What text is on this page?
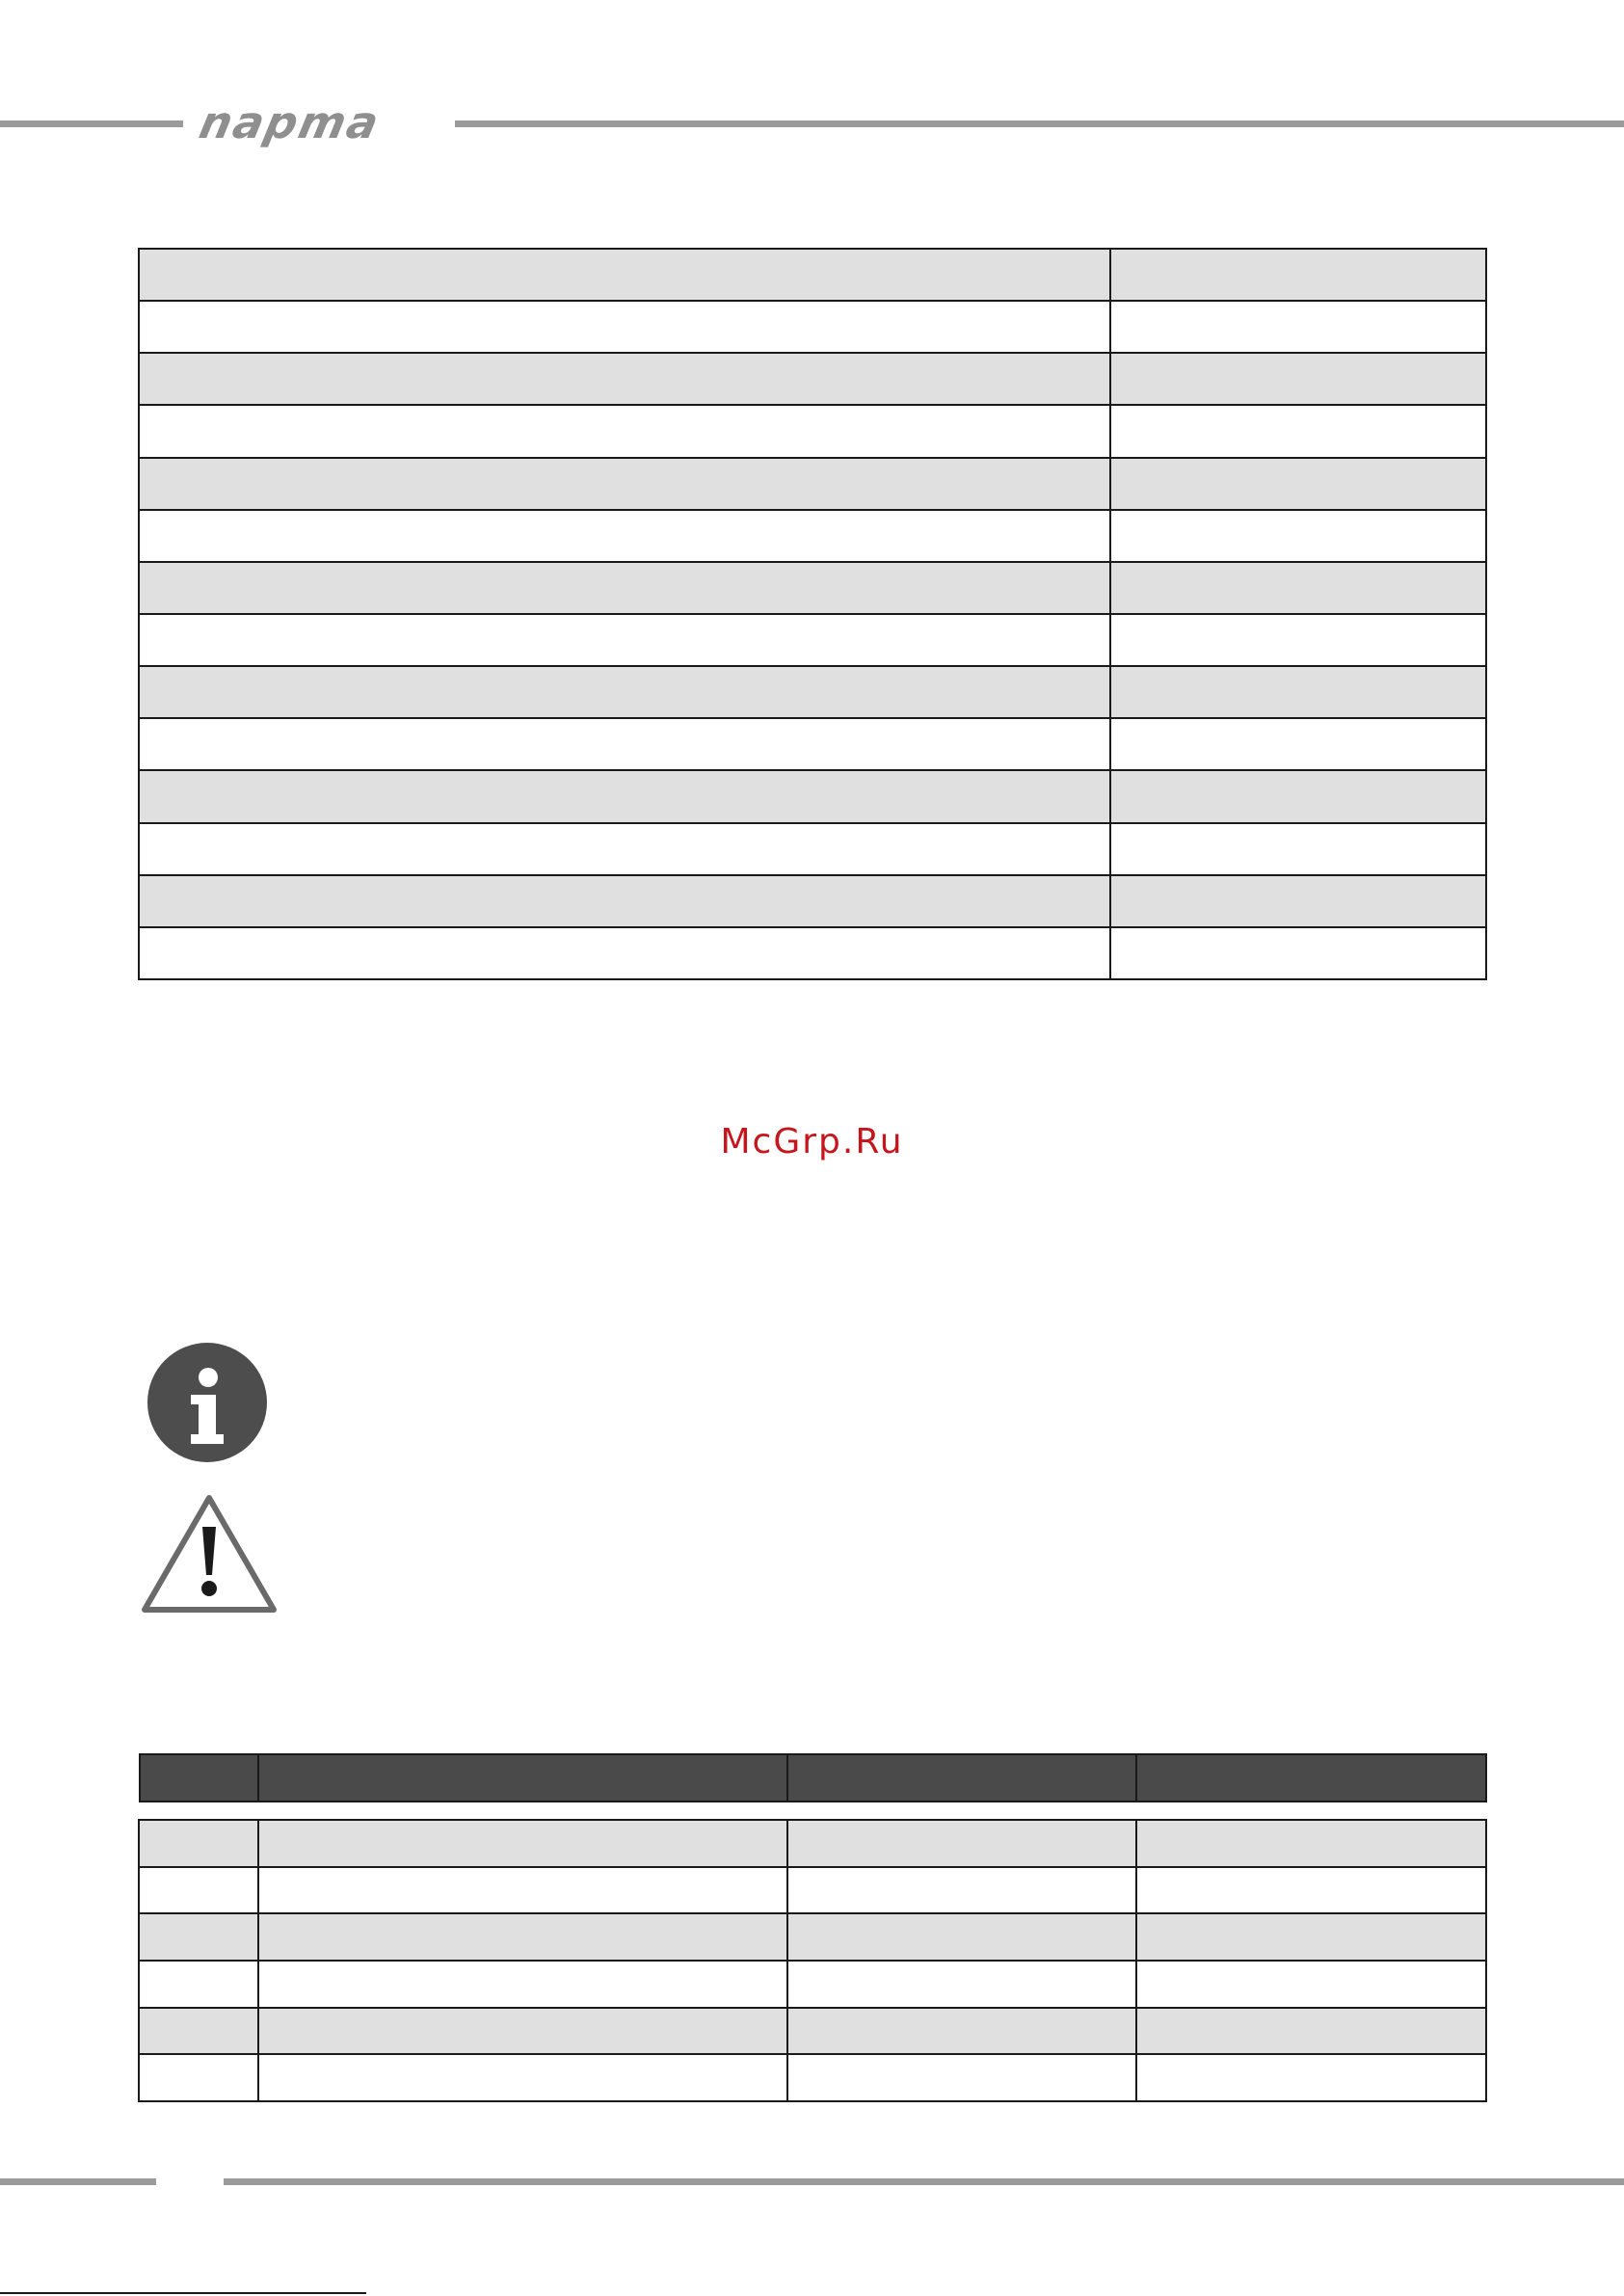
napma

McGrp.Ru
